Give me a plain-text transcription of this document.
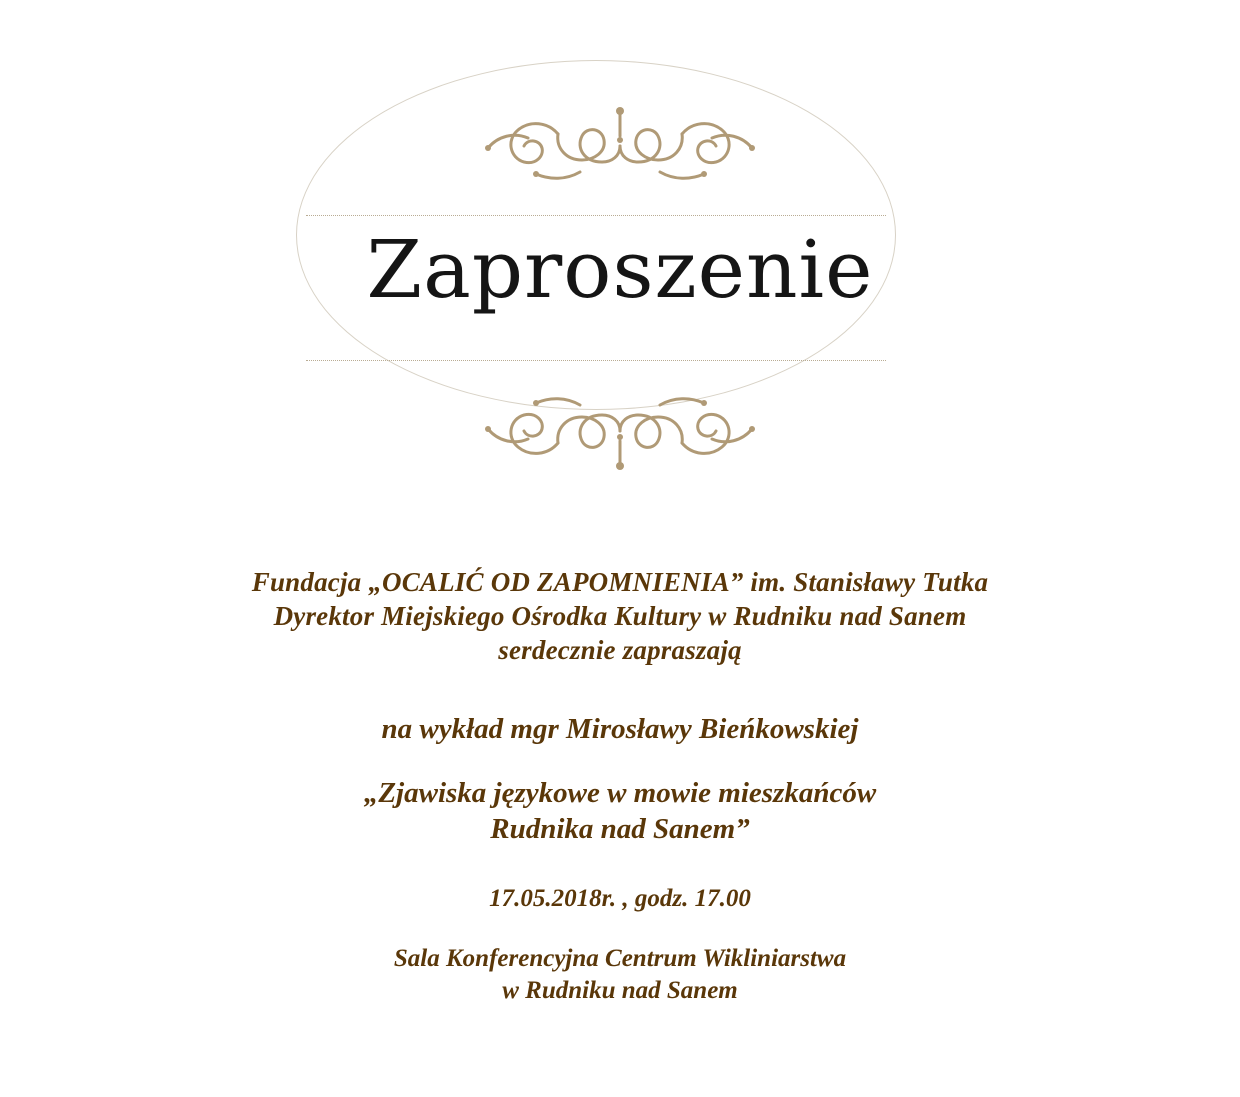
Zaproszenie
Fundacja „OCALIĆ OD ZAPOMNIENIA” im. Stanisławy Tutka
Dyrektor Miejskiego Ośrodka Kultury w Rudniku nad Sanem
serdecznie zapraszają
na wykład mgr Mirosławy Bieńkowskiej
„Zjawiska językowe w mowie mieszkańców
Rudnika nad Sanem”
17.05.2018r. , godz. 17.00
Sala Konferencyjna Centrum Wikliniarstwa
w Rudniku nad Sanem
